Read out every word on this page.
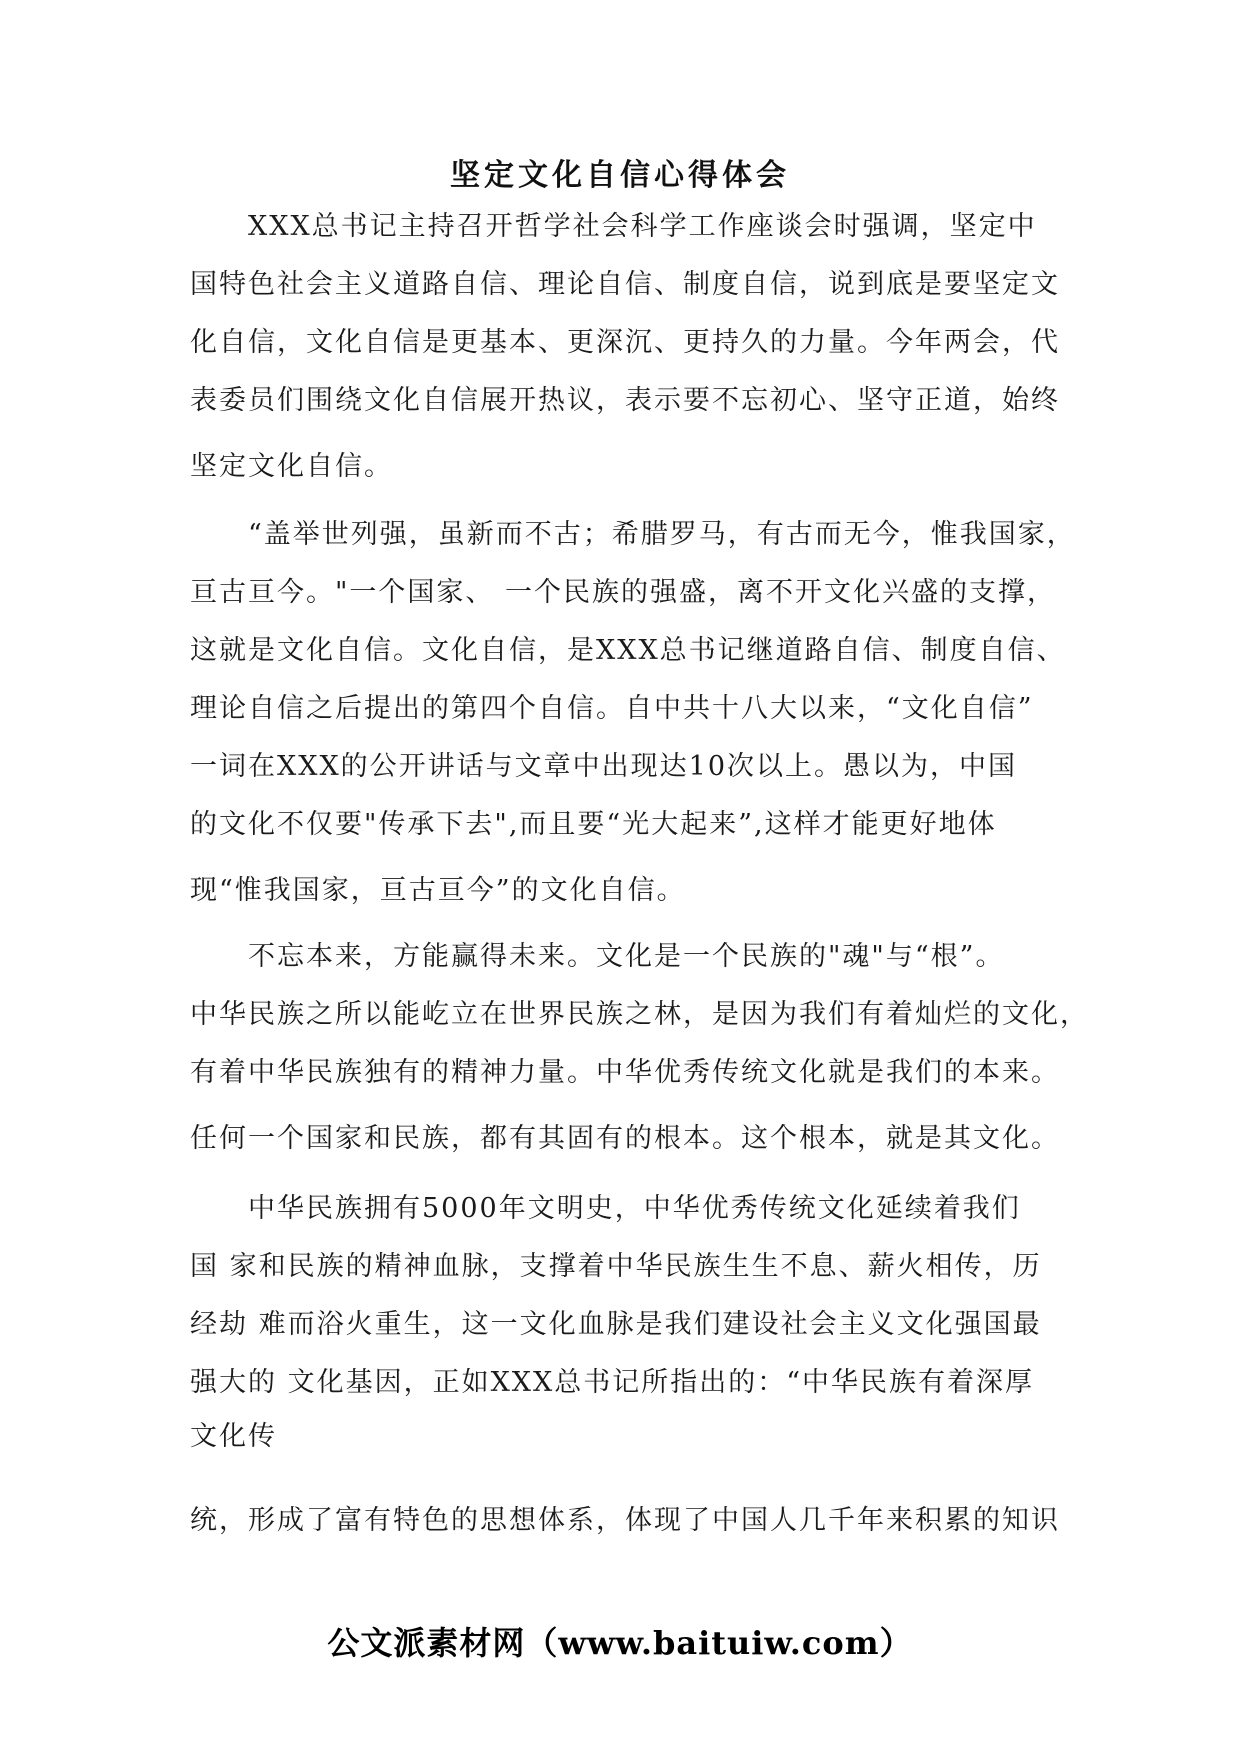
坚定文化自信心得体会
XXX总书记主持召开哲学社会科学工作座谈会时强调，坚定中
国特色社会主义道路自信、理论自信、制度自信，说到底是要坚定文
化自信，文化自信是更基本、更深沉、更持久的力量。今年两会，代
表委员们围绕文化自信展开热议，表示要不忘初心、坚守正道，始终
坚定文化自信。
“盖举世列强，虽新而不古；希腊罗马，有古而无今，惟我国家，
亘古亘今。"一个国家、 一个民族的强盛，离不开文化兴盛的支撑，
这就是文化自信。文化自信，是XXX总书记继道路自信、制度自信、
理论自信之后提出的第四个自信。自中共十八大以来，“文化自信”
一词在XXX的公开讲话与文章中出现达10次以上。愚以为，中国
的文化不仅要"传承下去",而且要“光大起来”,这样才能更好地体
现“惟我国家，亘古亘今”的文化自信。
不忘本来，方能赢得未来。文化是一个民族的"魂"与“根”。
中华民族之所以能屹立在世界民族之林，是因为我们有着灿烂的文化，
有着中华民族独有的精神力量。中华优秀传统文化就是我们的本来。
任何一个国家和民族，都有其固有的根本。这个根本，就是其文化。
中华民族拥有5000年文明史，中华优秀传统文化延续着我们
国 家和民族的精神血脉，支撑着中华民族生生不息、薪火相传，历
经劫 难而浴火重生，这一文化血脉是我们建设社会主义文化强国最
强大的 文化基因，正如XXX总书记所指出的：“中华民族有着深厚
文化传
统，形成了富有特色的思想体系，体现了中国人几千年来积累的知识
公文派素材网（www.baituiw.com）
